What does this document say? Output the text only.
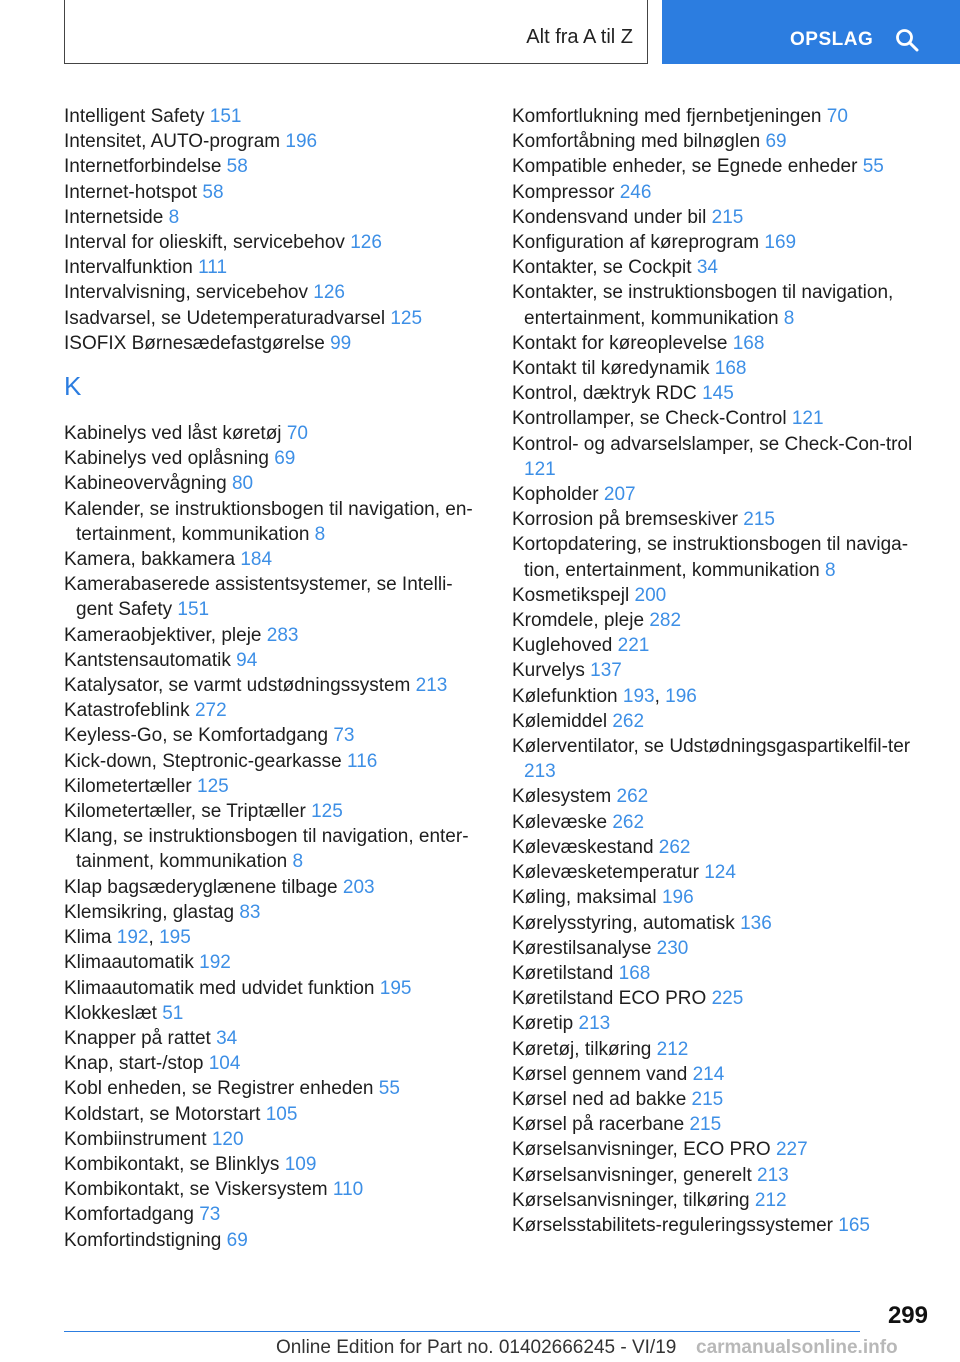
Alt fra A til Z	OPSLAG
Intelligent Safety 151
Intensitet, AUTO-program 196
Internetforbindelse 58
Internet-hotspot 58
Internetside 8
Interval for olieskift, servicebehov 126
Intervalfunktion 111
Intervalvisning, servicebehov 126
Isadvarsel, se Udetemperaturadvarsel 125
ISOFIX Børnesædefastgørelse 99
K
Kabinelys ved låst køretøj 70
Kabinelys ved oplåsning 69
Kabineovervågning 80
Kalender, se instruktionsbogen til navigation, en-tertainment, kommunikation 8
Kamera, bakkamera 184
Kamerabaserede assistentsystemer, se Intelli-gent Safety 151
Kameraobjektiver, pleje 283
Kantstensautomatik 94
Katalysator, se varmt udstødningssystem 213
Katastrofeblink 272
Keyless-Go, se Komfortadgang 73
Kick-down, Steptronic-gearkasse 116
Kilometertæller 125
Kilometertæller, se Triptæller 125
Klang, se instruktionsbogen til navigation, enter-tainment, kommunikation 8
Klap bagsæderyglænene tilbage 203
Klemsikring, glastag 83
Klima 192, 195
Klimaautomatik 192
Klimaautomatik med udvidet funktion 195
Klokkeslæt 51
Knapper på rattet 34
Knap, start-/stop 104
Kobl enheden, se Registrer enheden 55
Koldstart, se Motorstart 105
Kombiinstrument 120
Kombikontakt, se Blinklys 109
Kombikontakt, se Viskersystem 110
Komfortadgang 73
Komfortindstigning 69
Komfortlukning med fjernbetjeningen 70
Komfortåbning med bilnøglen 69
Kompatible enheder, se Egnede enheder 55
Kompressor 246
Kondensvand under bil 215
Konfiguration af køreprogram 169
Kontakter, se Cockpit 34
Kontakter, se instruktionsbogen til navigation, entertainment, kommunikation 8
Kontakt for køreoplevelse 168
Kontakt til køredynamik 168
Kontrol, dæktryk RDC 145
Kontrollamper, se Check-Control 121
Kontrol- og advarselslamper, se Check-Con-trol 121
Kopholder 207
Korrosion på bremseskiver 215
Kortopdatering, se instruktionsbogen til naviga-tion, entertainment, kommunikation 8
Kosmetikspejl 200
Kromdele, pleje 282
Kuglehoved 221
Kurvelys 137
Kølefunktion 193, 196
Kølemiddel 262
Kølerventilator, se Udstødningsgaspartikelfil-ter 213
Kølesystem 262
Kølevæske 262
Kølevæskestand 262
Kølevæsketemperatur 124
Køling, maksimal 196
Kørelysstyring, automatisk 136
Kørestilsanalyse 230
Køretilstand 168
Køretilstand ECO PRO 225
Køretip 213
Køretøj, tilkøring 212
Kørsel gennem vand 214
Kørsel ned ad bakke 215
Kørsel på racerbane 215
Kørselsanvisninger, ECO PRO 227
Kørselsanvisninger, generelt 213
Kørselsanvisninger, tilkøring 212
Kørselsstabilitets-reguleringssystemer 165
299
Online Edition for Part no. 01402666245 - VI/19 carmanualsonline.info
